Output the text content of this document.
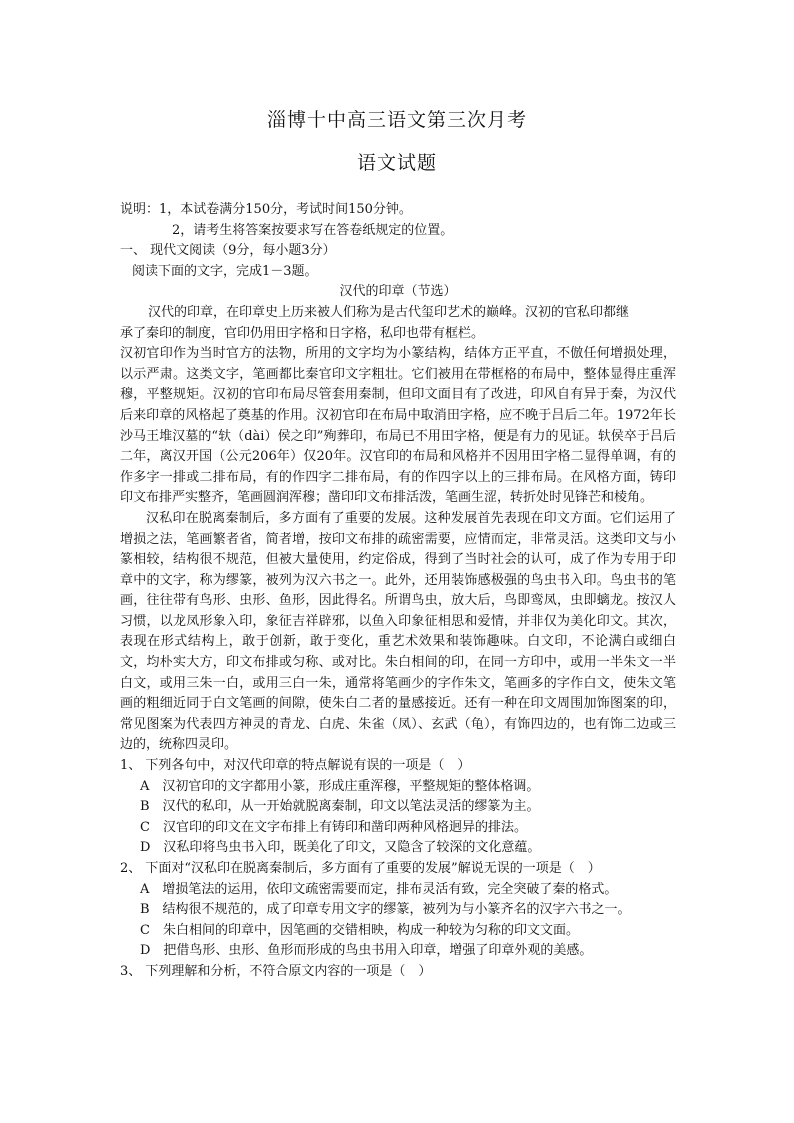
淄博十中高三语文第三次月考
语文试题
说明：1，本试卷满分150分，考试时间150分钟。
2，请考生将答案按要求写在答卷纸规定的位置。
一、 现代文阅读（9分，每小题3分）
阅读下面的文字，完成1－3题。
汉代的印章（节选）
汉代的印章，在印章史上历来被人们称为是古代玺印艺术的巅峰。汉初的官私印都继
承了秦印的制度，官印仍用田字格和日字格，私印也带有框栏。
汉初官印作为当时官方的法物，所用的文字均为小篆结构，结体方正平直，不倣任何增损处理，以示严肃。这类文字，笔画都比秦官印文字粗壮。它们被用在带框格的布局中，整体显得庄重浑穆，平整规矩。汉初的官印布局尽管套用秦制，但印文面目有了改进，印风自有异于秦，为汉代后来印章的风格起了奠基的作用。汉初官印在布局中取消田字格，应不晚于吕后二年。1972年长沙马王堆汉墓的“轪（dài）侯之印”殉葬印，布局已不用田字格，便是有力的见证。轪侯卒于吕后二年，离汉开国（公元206年）仅20年。汉官印的布局和风格并不因用田字格二显得单调，有的作多字一排或二排布局，有的作四字二排布局，有的作四字以上的三排布局。在风格方面，铸印印文布排严实整齐，笔画圆润浑穆；凿印印文布排活泼，笔画生涩，转折处时见锋芒和棱角。
汉私印在脱离秦制后，多方面有了重要的发展。这种发展首先表现在印文方面。它们运用了增损之法，笔画繁者省，简者增，按印文布排的疏密需要，应情而定，非常灵活。这类印文与小篆相较，结构很不规范，但被大量使用，约定俗成，得到了当时社会的认可，成了作为专用于印章中的文字，称为缪篆，被列为汉六书之一。此外，还用装饰感极强的鸟虫书入印。鸟虫书的笔画，往往带有鸟形、虫形、鱼形，因此得名。所谓鸟虫，放大后，鸟即鸾凤，虫即螭龙。按汉人习惯，以龙凤形象入印，象征吉祥辟邪，以鱼入印象征相思和爱情，并非仅为美化印文。其次，表现在形式结构上，敢于创新，敢于变化，重艺术效果和装饰趣味。白文印，不论满白或细白文，均朴实大方，印文布排或匀称、或对比。朱白相间的印，在同一方印中，或用一半朱文一半白文，或用三朱一白，或用三白一朱，通常将笔画少的字作朱文，笔画多的字作白文，使朱文笔画的粗细近同于白文笔画的间隙，使朱白二者的量感接近。还有一种在印文周围加饰图案的印，常见图案为代表四方神灵的青龙、白虎、朱雀（凤）、玄武（龟），有饰四边的，也有饰二边或三边的，统称四灵印。
1、 下列各句中，对汉代印章的特点解说有误的一项是（　）
A　汉初官印的文字都用小篆，形成庄重浑穆，平整规矩的整体格调。
B　汉代的私印，从一开始就脱离秦制，印文以笔法灵活的缪篆为主。
C　汉官印的印文在文字布排上有铸印和凿印两种风格迥异的排法。
D　汉私印将鸟虫书入印，既美化了印文，又隐含了较深的文化意蕴。
2、 下面对“汉私印在脱离秦制后，多方面有了重要的发展”解说无误的一项是（　）
A　增损笔法的运用，依印文疏密需要而定，排布灵活有致，完全突破了秦的格式。
B　结构很不规范的，成了印章专用文字的缪篆，被列为与小篆齐名的汉字六书之一。
C　朱白相间的印章中，因笔画的交错相映，构成一种较为匀称的印文文面。
D　把借鸟形、虫形、鱼形而形成的鸟虫书用入印章，增强了印章外观的美感。
3、 下列理解和分析，不符合原文内容的一项是（　）
